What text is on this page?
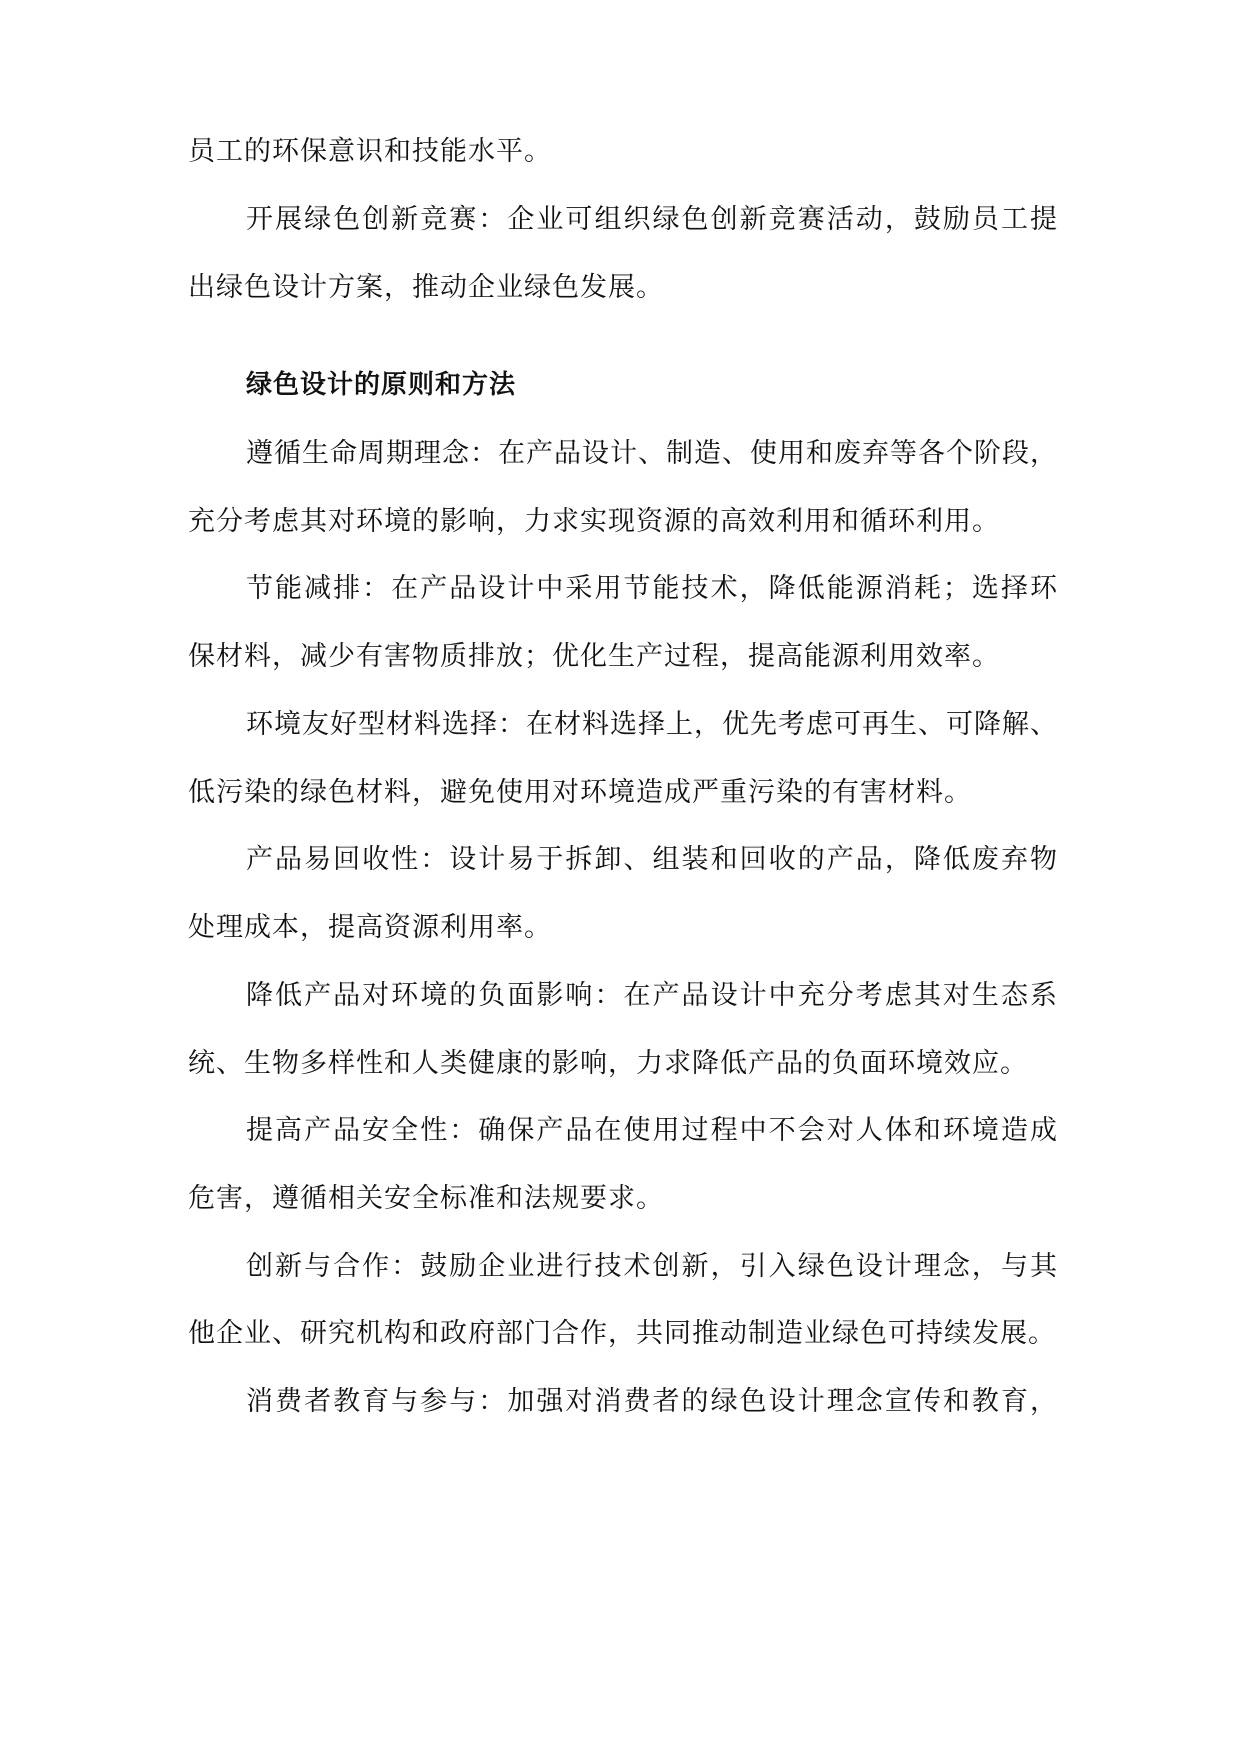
员工的环保意识和技能水平。
开展绿色创新竞赛：企业可组织绿色创新竞赛活动，鼓励员工提
出绿色设计方案，推动企业绿色发展。
绿色设计的原则和方法
遵循生命周期理念：在产品设计、制造、使用和废弃等各个阶段，
充分考虑其对环境的影响，力求实现资源的高效利用和循环利用。
节能减排：在产品设计中采用节能技术，降低能源消耗；选择环
保材料，减少有害物质排放；优化生产过程，提高能源利用效率。
环境友好型材料选择：在材料选择上，优先考虑可再生、可降解、
低污染的绿色材料，避免使用对环境造成严重污染的有害材料。
产品易回收性：设计易于拆卸、组装和回收的产品，降低废弃物
处理成本，提高资源利用率。
降低产品对环境的负面影响：在产品设计中充分考虑其对生态系
统、生物多样性和人类健康的影响，力求降低产品的负面环境效应。
提高产品安全性：确保产品在使用过程中不会对人体和环境造成
危害，遵循相关安全标准和法规要求。
创新与合作：鼓励企业进行技术创新，引入绿色设计理念，与其
他企业、研究机构和政府部门合作，共同推动制造业绿色可持续发展。
消费者教育与参与：加强对消费者的绿色设计理念宣传和教育，
